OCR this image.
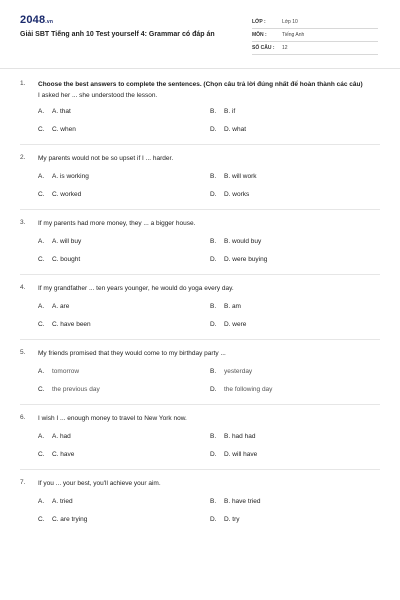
2048.vn
Giải SBT Tiếng anh 10 Test yourself 4: Grammar có đáp án
LỚP :	Lớp 10
MÔN :	Tiếng Anh
SỐ CÂU :	12
1.	Choose the best answers to complete the sentences. (Chọn câu trả lời đúng nhất để hoàn thành các câu)
I asked her ... she understood the lesson.
A.	A. that	B.	B. if
C.	C. when	D.	D. what
2.	My parents would not be so upset if I ... harder.
A.	A. is working	B.	B. will work
C.	C. worked	D.	D. works
3.	If my parents had more money, they ... a bigger house.
A.	A. will buy	B.	B. would buy
C.	C. bought	D.	D. were buying
4.	If my grandfather ... ten years younger, he would do yoga every day.
A.	A. are	B.	B. am
C.	C. have been	D.	D. were
5.	My friends promised that they would come to my birthday party ...
A.	tomorrow	B.	yesterday
C.	the previous day	D.	the following day
6.	I wish I ... enough money to travel to New York now.
A.	A. had	B.	B. had had
C.	C. have	D.	D. will have
7.	If you ... your best, you'll achieve your aim.
A.	A. tried	B.	B. have tried
C.	C. are trying	D.	D. try
